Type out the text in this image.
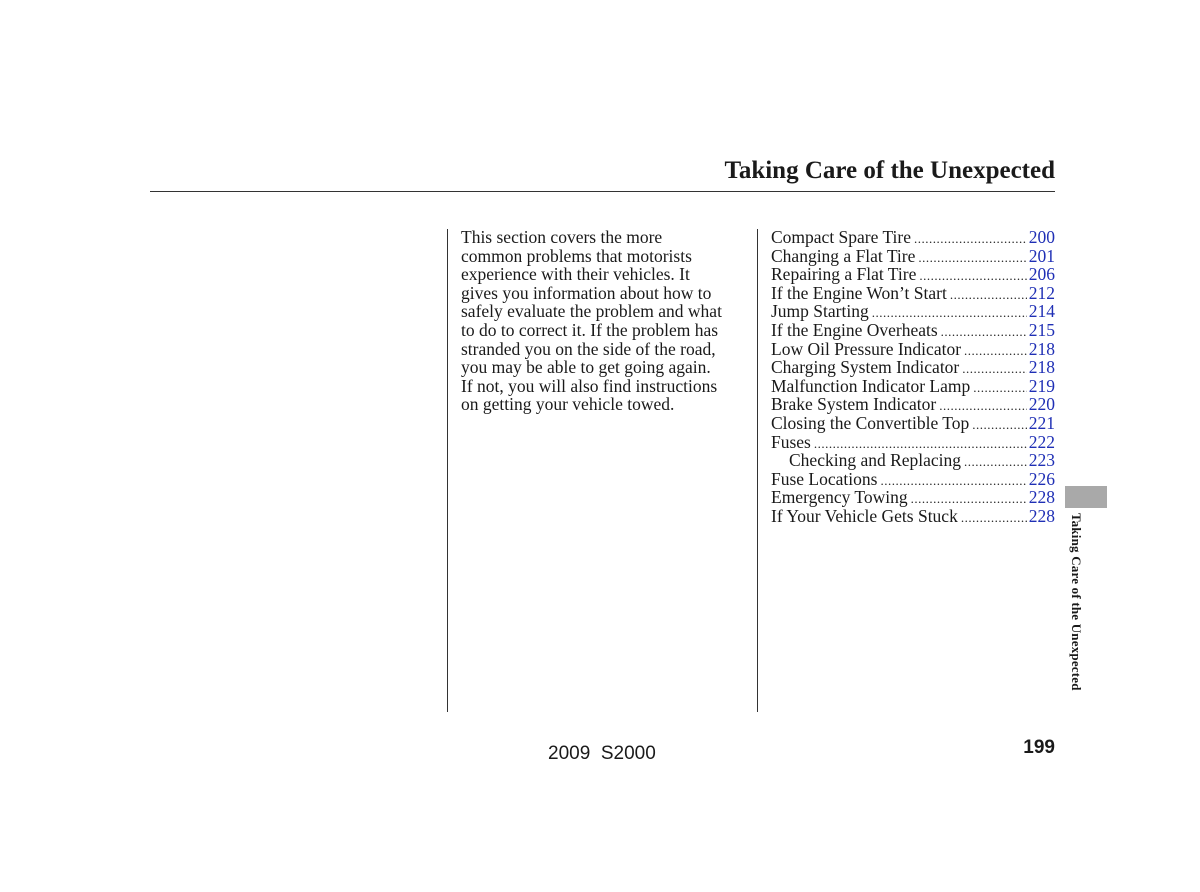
Taking Care of the Unexpected

This section covers the more
common problems that motorists
experience with their vehicles. It
gives you information about how to
safely evaluate the problem and what
to do to correct it. If the problem has
stranded you on the side of the road,
you may be able to get going again.
If not, you will also find instructions
on getting your vehicle towed.

Compact Spare Tire .....	200
Changing a Flat Tire .....	201
Repairing a Flat Tire .....	206
If the Engine Won’t Start .....	212
Jump Starting .....	214
If the Engine Overheats .....	215
Low Oil Pressure Indicator .....	218
Charging System Indicator .....	218
Malfunction Indicator Lamp .....	219
Brake System Indicator .....	220
Closing the Convertible Top .....	221
Fuses .....	222
Checking and Replacing .....	223
Fuse Locations .....	226
Emergency Towing .....	228
If Your Vehicle Gets Stuck .....	228 Taking Care of the Unexpected
2009  S2000	199
